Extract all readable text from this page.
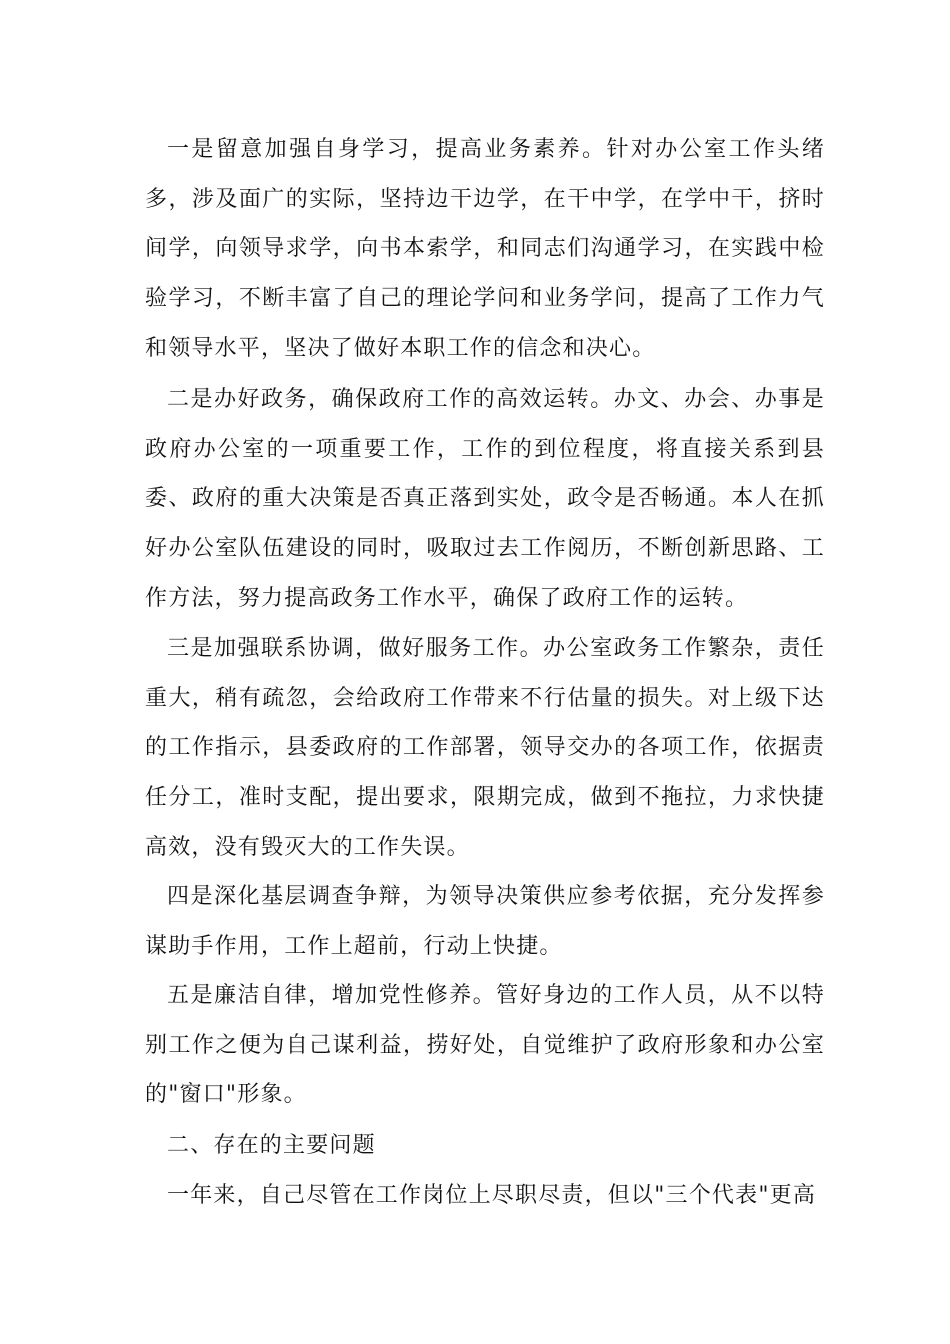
一是留意加强自身学习，提高业务素养。针对办公室工作头绪多，涉及面广的实际，坚持边干边学，在干中学，在学中干，挤时间学，向领导求学，向书本索学，和同志们沟通学习，在实践中检验学习，不断丰富了自己的理论学问和业务学问，提高了工作力气和领导水平，坚决了做好本职工作的信念和决心。

二是办好政务，确保政府工作的高效运转。办文、办会、办事是政府办公室的一项重要工作，工作的到位程度，将直接关系到县委、政府的重大决策是否真正落到实处，政令是否畅通。本人在抓好办公室队伍建设的同时，吸取过去工作阅历，不断创新思路、工作方法，努力提高政务工作水平，确保了政府工作的运转。

三是加强联系协调，做好服务工作。办公室政务工作繁杂，责任重大，稍有疏忽，会给政府工作带来不行估量的损失。对上级下达的工作指示，县委政府的工作部署，领导交办的各项工作，依据责任分工，准时支配，提出要求，限期完成，做到不拖拉，力求快捷高效，没有毁灭大的工作失误。

四是深化基层调查争辩，为领导决策供应参考依据，充分发挥参谋助手作用，工作上超前，行动上快捷。

五是廉洁自律，增加党性修养。管好身边的工作人员，从不以特别工作之便为自己谋利益，捞好处，自觉维护了政府形象和办公室的"窗口"形象。

二、存在的主要问题

一年来，自己尽管在工作岗位上尽职尽责，但以"三个代表"更高
